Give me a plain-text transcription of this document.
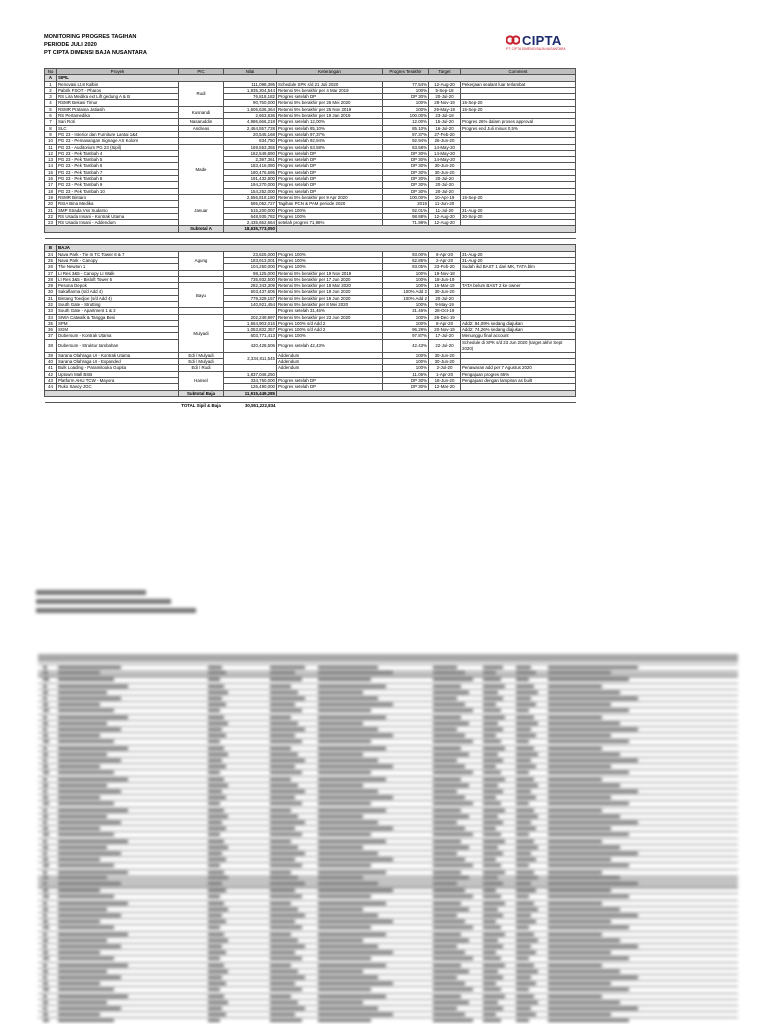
MONITORING PROGRES TAGIHAN
PERIODE JULI 2020
PT CIPTA DIMENSI BAJA NUSANTARA
CIPTA
PT. CIPTA DIMENSI BAJA NUSANTARA
No	Proyek	PIC	Nilai	Keterangan	Progres Terakhir	Target	Comment
A	SIPIL						
1	Renovasi Lt.8 Kalbis	Rudi	111,098,395	Schedule SPK s/d 21 Juli 2020	77.54%	12-Aug-20	Pekerjaan sealant luar terlambat
2	Pabrik FSOT - Pharos		1,935,304,544	Retensi 5% berakhir per 4 Mar 2019	100%	5-Sep-18	
3	RS Lira Medika ext Lift gedung A & B		76,818,182	Progres setelah DP	DP 30%	20-Jul-20	
4	RSMR Bekasi Timur		90,750,000	Retensi 5% berakhir per 26 Mei 2020	100%	28-Nov-19	15-Sep-20
5	RSMR Pratama Jatiasih	Kusnandi	1,606,636,364	Retensi 5% berakhir per 25 Nov 2019	100%	29-May-19	15-Sep-20
6	RS Pertamedika		2,663,636	Retensi 5% berakhir per 19 Jan 2019	100.00%	23-Jul-18	
7	Sari Roti	Nasaruddin	4,986,666,218	Progres setelah 12,00%	12.00%	15-Jul-20	Progres 26% dalam proses approval
8	SLC	Andreas	2,464,557,728	Progres setelah 85,10%	85.10%	16-Jul-20	Progres end Juli minus 0,5%
9	PG 23 - Interior dan Furniture Lantai 1&4		20,545,168	Progres setelah 97,37%	97.37%	27-Feb-20	
10	PG 23 - Pemasangan Signage AS Kolom		834,750	Progres setelah 92,94%	92.94%	26-Jun-20	
11	PG 23 - Auditorium PG 23 (Sipil)	Made	169,553,355	Progres setelah 63,58%	63.58%	14-May-20	
12	PG 23 - Pek Tambah 4		162,549,890	Progres setelah DP	DP 30%	14-May-20	
13	PG 23 - Pek Tambah 5		2,397,361	Progres setelah DP	DP 30%	14-May-20	
14	PG 23 - Pek Tambah 6		183,416,080	Progres setelah DP	DP 30%	30-Jun-20	
15	PG 23 - Pek Tambah 7		180,476,695	Progres setelah DP	DP 30%	30-Jun-20	
16	PG 23 - Pek Tambah 8		191,432,800	Progres setelah DP	DP 30%	20-Jul-20	
17	PG 23 - Pek Tambah 9		194,270,000	Progres setelah DP	DP 30%	20-Jul-20	
18	PG 23 - Pek Tambah 10		154,252,000	Progres setelah DP	DP 30%	20-Jul-20	
19	RSMR Bintaro	Januar	2,556,818,180	Retensi 5% berakhir per 9 Apr 2020	100.00%	10-Apr-19	15-Sep-20
20	RSIA Bina Medika		595,052,727	Tagihan PCN & PAM periode 2020	2019	11-Jun-20	
21	SMP Strada Vss Sudarso		515,200,000	Progres 100%	92.01%	11-Jul-20	31-Aug-20
22	RS Usada Insani - Kontrak Utama		648,935,782	Progres 100%	98.88%	12-Aug-20	30-Sep-20
23	RS Usada Insani - Addendum		2,435,652,664	setelah progres 71,98%	71.98%	12-Aug-20	
		Subtotal A	18,635,773,050				

B	BAJA						
24	Nava Park - Tie In TC Tower 6 & 7	Agung	23,625,000	Progres 100%	93.00%	6-Apr-20	31-Aug-20
25	Nava Park - Canopy		183,913,001	Progres 100%	62.85%	2-Apr-20	31-Aug-20
26	The Newton 1		104,250,000	Progres 100%	93.05%	23-Feb-20	Sudah ikd BAST 1 dari MK, TATA blm
27	LI Res 3&5 - Canopy LI Walk		98,125,000	Retensi 5% berakhir per 19 Nov 2019	100%	19-Nov-18	
28	LI Res 3&5 - Bisloft Tower 5		735,932,500	Retensi 5% berakhir per 17 Jun 2020	100%	18-Jun-19	
29	Pesona Depok	Bayu	282,343,309	Retensi 5% berakhir per 18 Mar 2020	100%	16-Mar-19	TATA belum BAST 2 ke owner
30	Sakaflarma (s/d Add 4)		603,437,605	Retensi 5% berakhir per 19 Jun 2020	100% Add 2	30-Jun-20	
31	Bintang Toedjoe (s/d Add 4)		779,329,157	Retensi 5% berakhir per 19 Jun 2020	100% Add 2	20-Jul-20	
32	South Gate - Strutting		140,921,454	Retensi 5% berakhir per 8 Mei 2020	100%	9-May-19	
33	South Gate - Apartment 1 & 2			Progres setelah 31,46%	31.46%	28-Oct-19	
34	SIWA Catwalk & Tangga Besi	Mulyadi	202,249,997	Retensi 5% berakhir per 23 Jun 2020	100%	26-Dec-19	
35	SPM		1,564,903,015	Progres 100% s/d Add 2	100%	8-Apr-20	Add2: 84,09% sedang diajukan
36	SGM		1,053,832,357	Progres 100% s/d Add 2	96.29%	20-Nov-19	Add2: 74,26% sedang diajukan
37	Dubersum - Kontrak Utama		603,771,413	Progres 100%	97.87%	17-Jul-20	Menunggu final account
38	Dubersum - Struktur tambahan		420,428,506	Progres setelah 42,43%	42.43%	22-Jul-20	Schedule di SPK s/d 23 Jun 2020 (target akhir Sept 2020)
39	Sarana Olahraga UI - Kontrak Utama	Edi / Mulyadi	2,334,811,545	Addendum	100%	30-Jun-20	
40	Sarana Olahraga UI - Expanded	Edi / Mulyadi		Addendum	100%	30-Jun-20	
41	Bulk Loading - Paramitouka Gupita	Edi / Rudi		Addendum	100%	2-Jul-20	Penawaran add per 7 Agustus 2020
42	Uptown Mall BSB	Hansel	1,837,046,250		11.06%	1-Apr-20	Pengajuan progres 65%
43	Platform AHU TCW - Mayora		334,750,000	Progres setelah DP	DP 30%	18-Jun-20	Pengajuan dengan lampiran as built
44	Ruko Savoy JGC		126,490,000	Progres setelah DP	DP 30%	12-Mar-20	
		Subtotal Baja	11,915,449,285				

		TOTAL Sipil & Baja	30,551,222,834				
